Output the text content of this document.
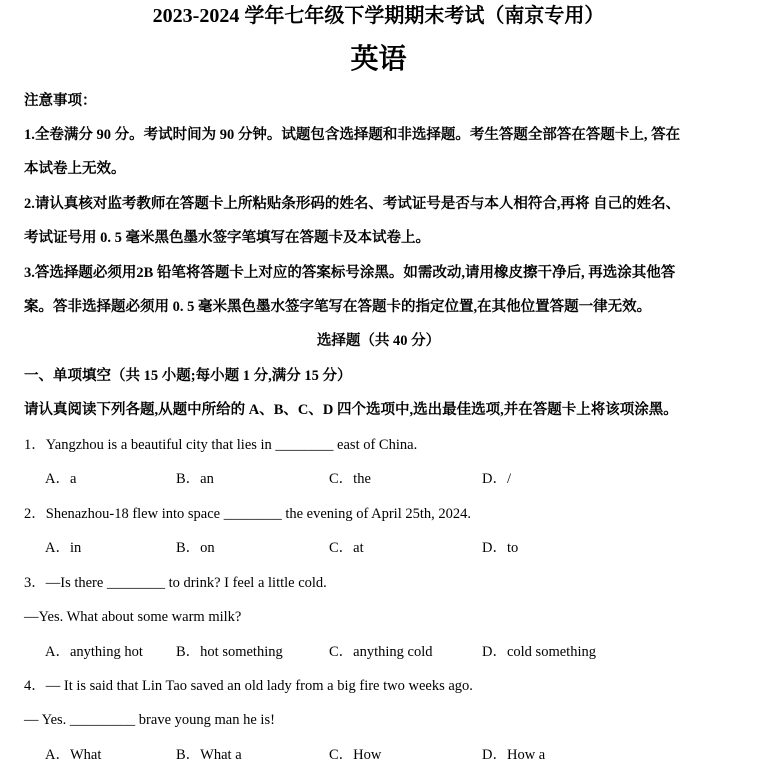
2023-2024 学年七年级下学期期末考试（南京专用）
英语
注意事项：
1.全卷满分 90 分。考试时间为 90 分钟。试题包含选择题和非选择题。考生答题全部答在答题卡上, 答在
本试卷上无效。
2.请认真核对监考教师在答题卡上所粘贴条形码的姓名、考试证号是否与本人相符合,再将 自己的姓名、
考试证号用 0. 5 毫米黑色墨水签字笔填写在答题卡及本试卷上。
3.答选择题必须用2B 铅笔将答题卡上对应的答案标号涂黑。如需改动,请用橡皮擦干净后, 再选涂其他答
案。答非选择题必须用 0. 5 毫米黑色墨水签字笔写在答题卡的指定位置,在其他位置答题一律无效。
选择题（共 40 分）
一、单项填空（共 15 小题;每小题 1 分,满分 15 分）
请认真阅读下列各题,从题中所给的 A、B、C、D 四个选项中,选出最佳选项,并在答题卡上将该项涂黑。
1．Yangzhou is a beautiful city that lies in ________ east of China.
A．a	B．an	C．the	D．/
2．Shenazhou-18 flew into space ________ the evening of April 25th, 2024.
A．in	B．on	C．at	D．to
3．—Is there ________ to drink? I feel a little cold.
—Yes. What about some warm milk?
A．anything hot B．hot something	C．anything cold	D．cold something
4．— It is said that Lin Tao saved an old lady from a big fire two weeks ago.
— Yes. _________ brave young man he is!
A．What	B．What a	C．How	D．How a
